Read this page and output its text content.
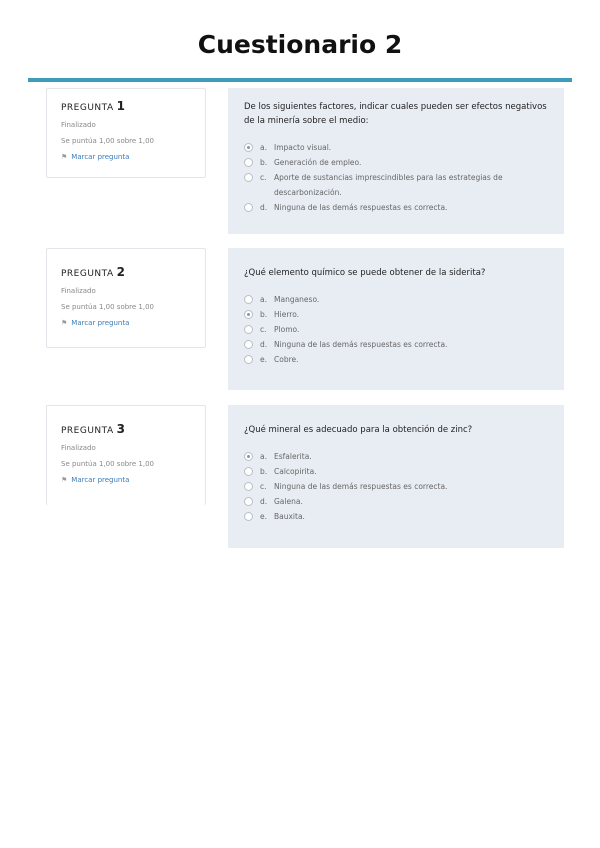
Cuestionario 2
PREGUNTA 1
Finalizado
Se puntúa 1,00 sobre 1,00
⚑ Marcar pregunta
De los siguientes factores, indicar cuales pueden ser efectos negativos de la minería sobre el medio:
a. Impacto visual.
b. Generación de empleo.
c. Aporte de sustancias imprescindibles para las estrategias de descarbonización.
d. Ninguna de las demás respuestas es correcta.
PREGUNTA 2
Finalizado
Se puntúa 1,00 sobre 1,00
⚑ Marcar pregunta
¿Qué elemento químico se puede obtener de la siderita?
a. Manganeso.
b. Hierro.
c. Plomo.
d. Ninguna de las demás respuestas es correcta.
e. Cobre.
PREGUNTA 3
Finalizado
Se puntúa 1,00 sobre 1,00
⚑ Marcar pregunta
¿Qué mineral es adecuado para la obtención de zinc?
a. Esfalerita.
b. Calcopirita.
c. Ninguna de las demás respuestas es correcta.
d. Galena.
e. Bauxita.
